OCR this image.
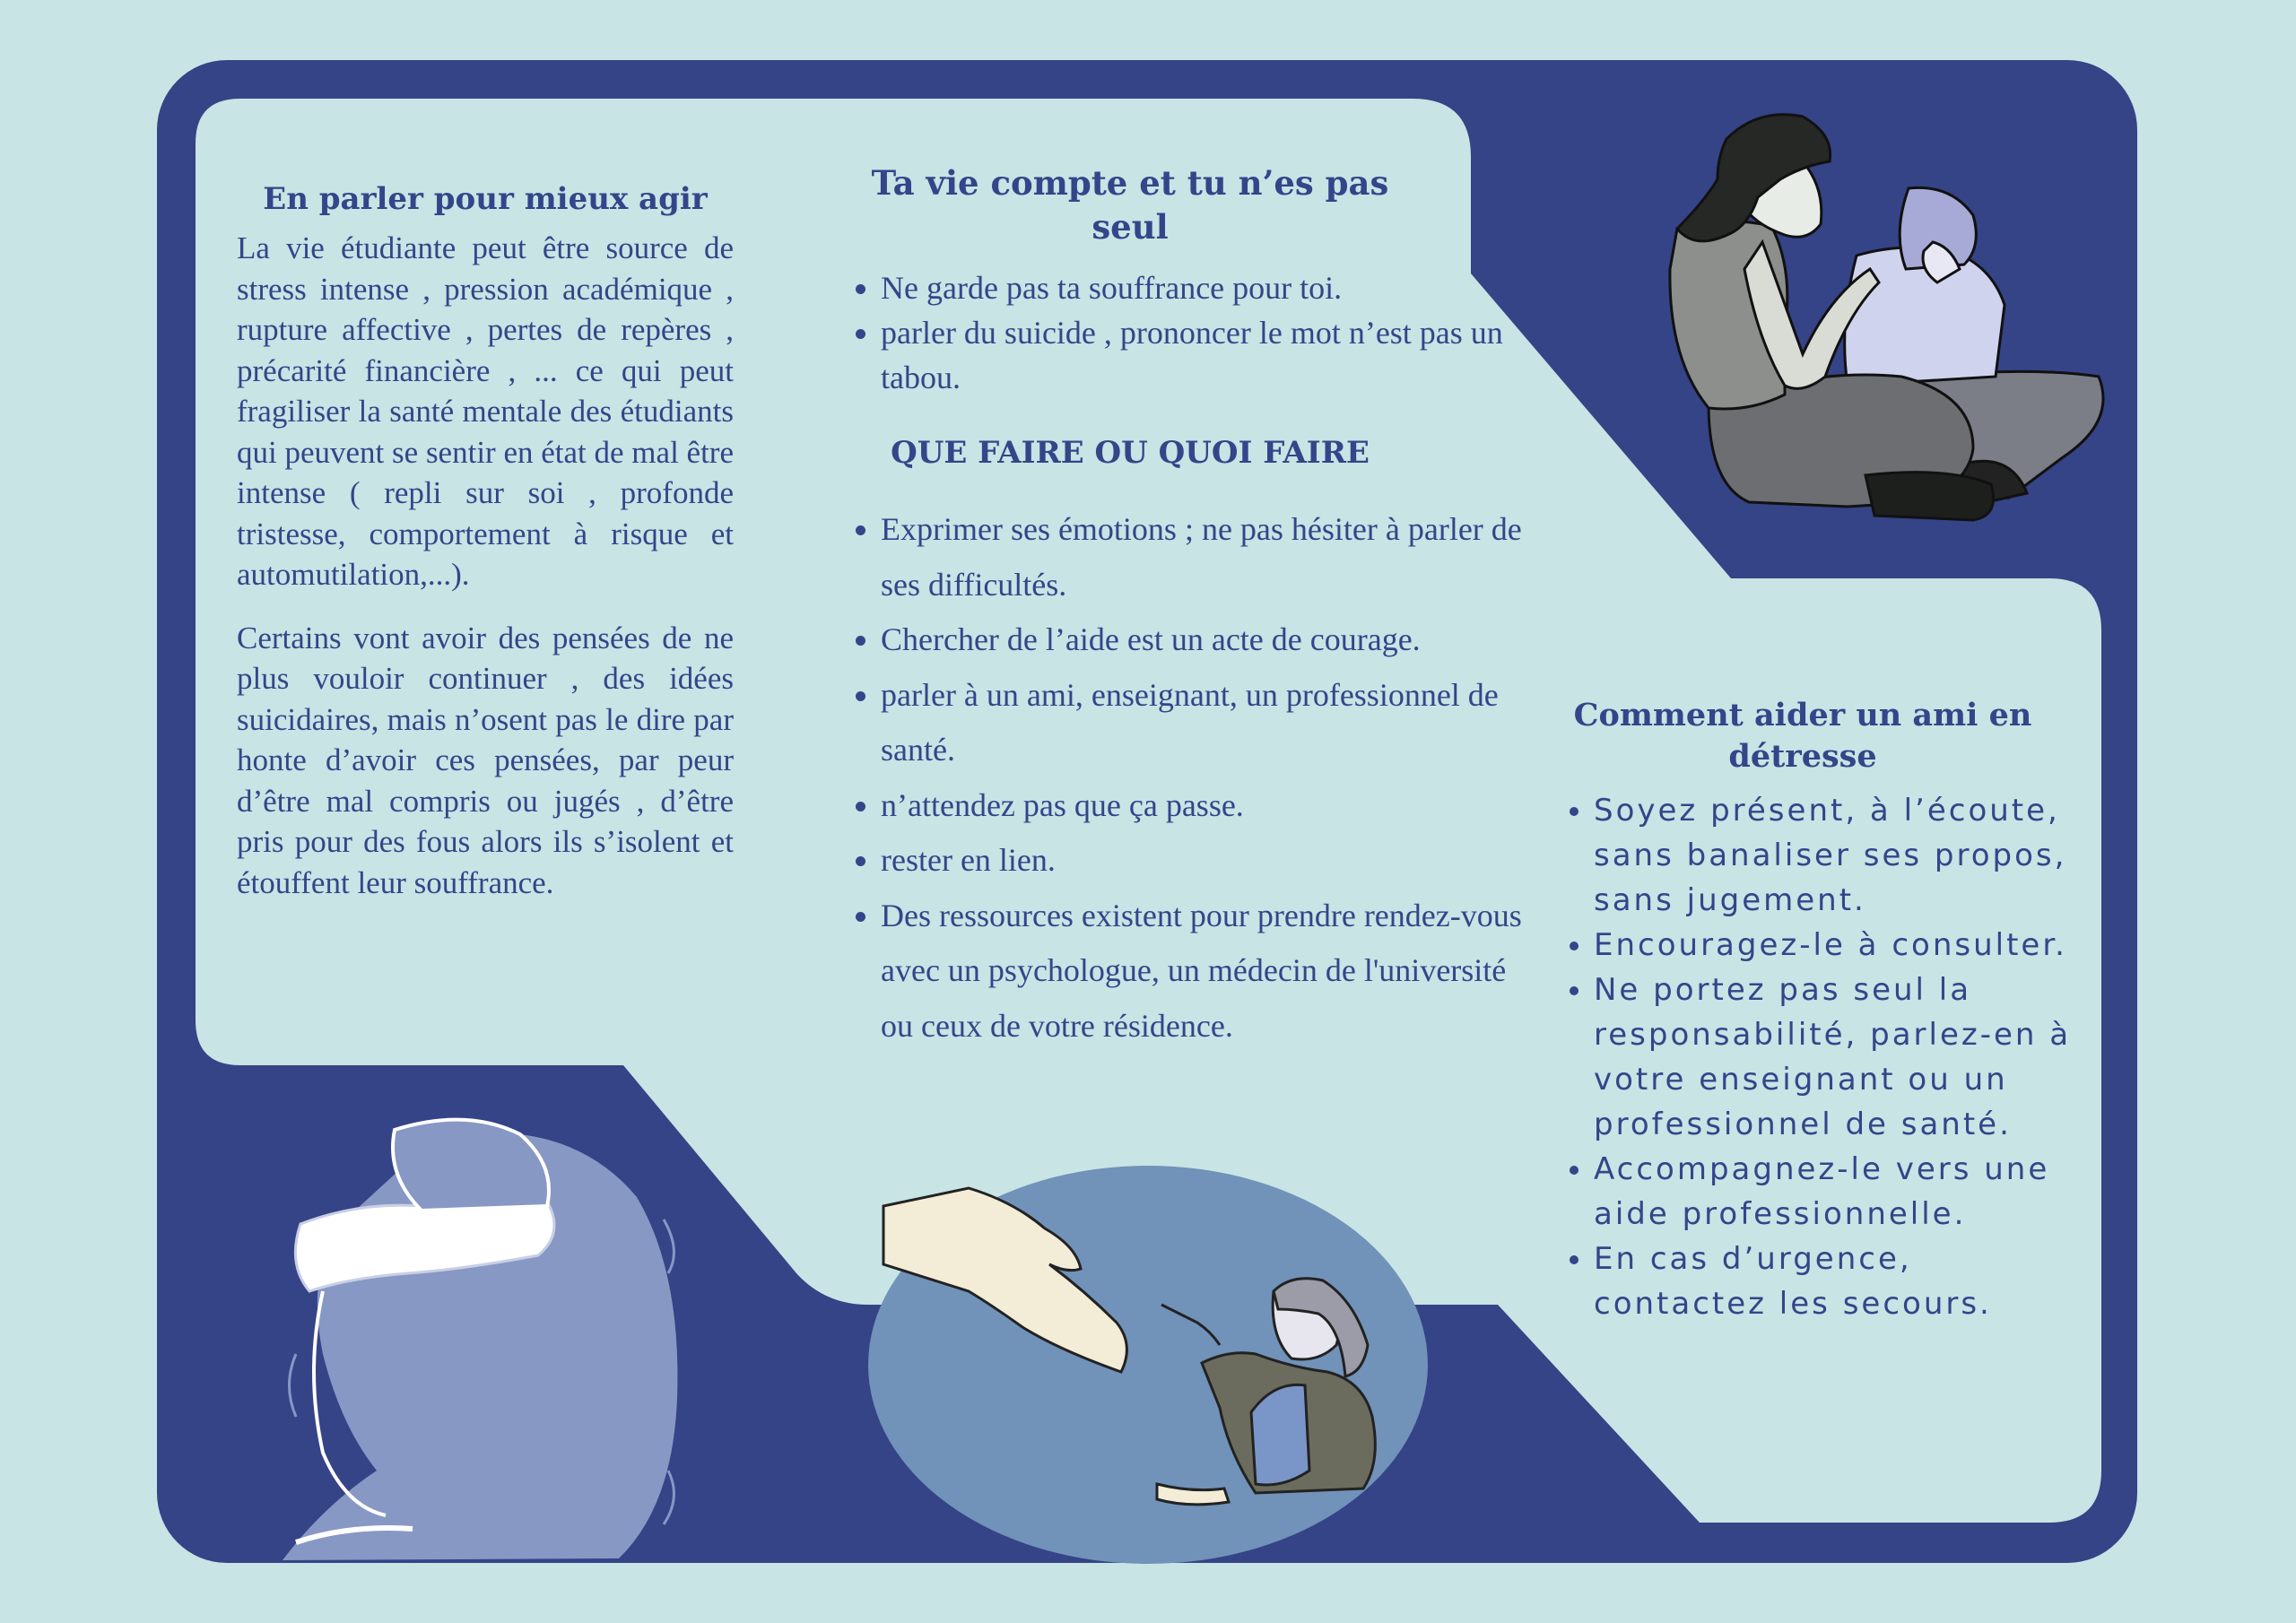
En parler pour mieux agir

La vie étudiante peut être source de stress intense , pression académique , rupture affective , pertes de repères , précarité financière , ... ce qui peut fragiliser la santé mentale des étudiants qui peuvent se sentir en état de mal être intense ( repli sur soi , profonde tristesse, comportement à risque et automutilation,...).

Certains vont avoir des pensées de ne plus vouloir continuer , des idées suicidaires, mais n’osent pas le dire par honte d’avoir ces pensées, par peur d’être mal compris ou jugés , d’être pris pour des fous alors ils s’isolent et étouffent leur souffrance.

Ta vie compte et tu n’es pas seul
• Ne garde pas ta souffrance pour toi.
• parler du suicide , prononcer le mot n’est pas un tabou.
QUE FAIRE OU QUOI FAIRE
• Exprimer ses émotions ; ne pas hésiter à parler de ses difficultés.
• Chercher de l’aide est un acte de courage.
• parler à un ami, enseignant, un professionnel de santé.
• n’attendez pas que ça passe.
• rester en lien.
• Des ressources existent pour prendre rendez-vous avec un psychologue, un médecin de l'université ou ceux de votre résidence.
Comment aider un ami en détresse
• Soyez présent, à l’écoute, sans banaliser ses propos, sans jugement.
• Encouragez-le à consulter.
• Ne portez pas seul la responsabilité, parlez-en à votre enseignant ou un professionnel de santé.
• Accompagnez-le vers une aide professionnelle.
• En cas d’urgence, contactez les secours.
